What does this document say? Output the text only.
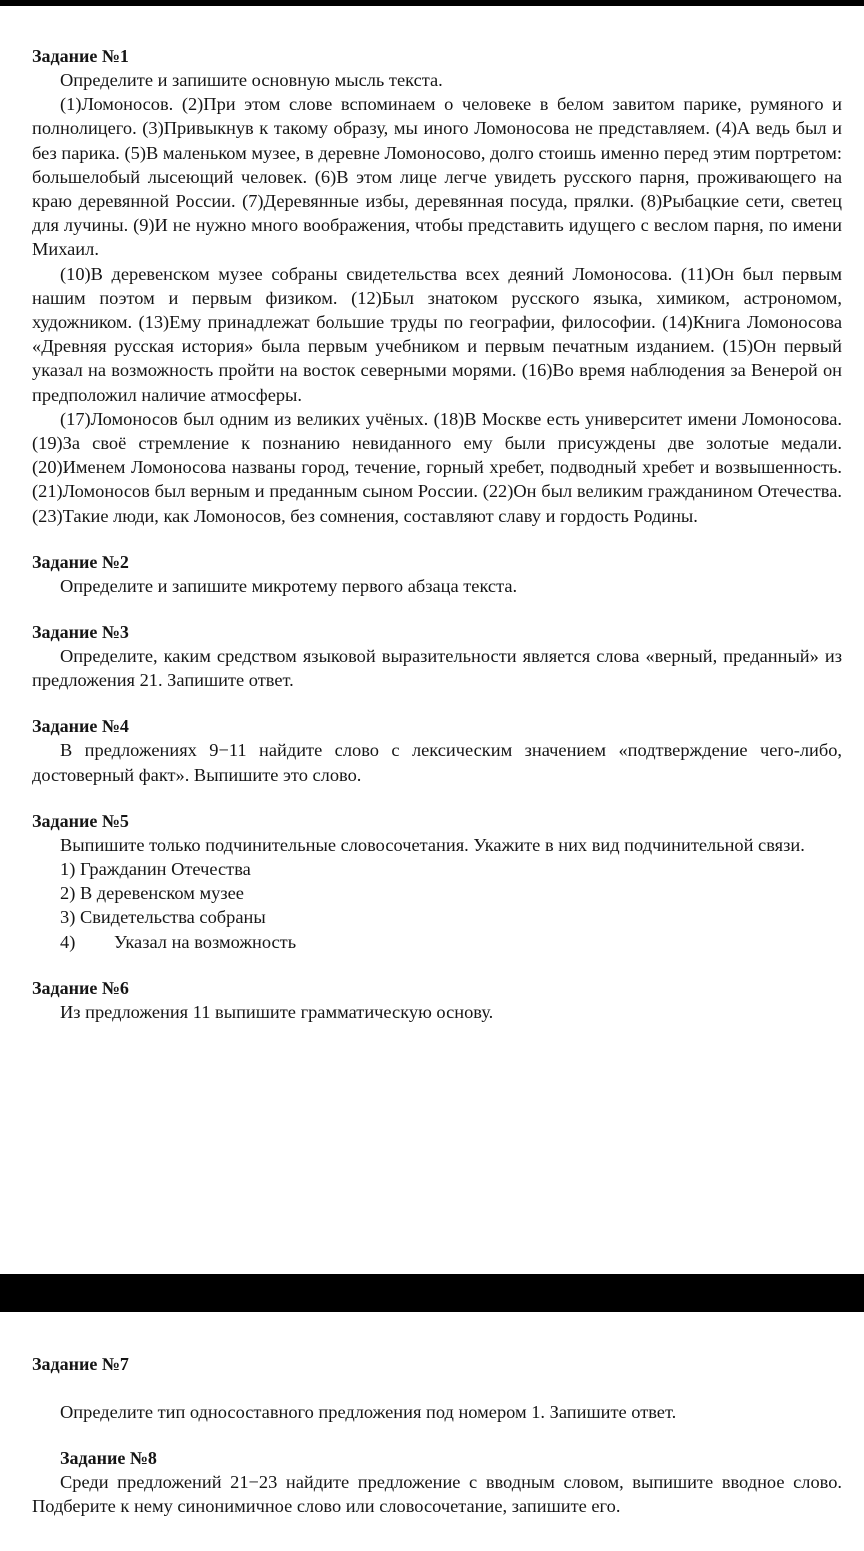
Задание №1

Определите и запишите основную мысль текста.

(1)Ломоносов. (2)При этом слове вспоминаем о человеке в белом завитом парике, румяного и полнолицего. (3)Привыкнув к такому образу, мы иного Ломоносова не представляем. (4)А ведь был и без парика. (5)В маленьком музее, в деревне Ломоносово, долго стоишь именно перед этим портретом: большелобый лысеющий человек. (6)В этом лице легче увидеть русского парня, проживающего на краю деревянной России. (7)Деревянные избы, деревянная посуда, прялки. (8)Рыбацкие сети, светец для лучины. (9)И не нужно много воображения, чтобы представить идущего с веслом парня, по имени Михаил.

(10)В деревенском музее собраны свидетельства всех деяний Ломоносова. (11)Он был первым нашим поэтом и первым физиком. (12)Был знатоком русского языка, химиком, астрономом, художником. (13)Ему принадлежат большие труды по географии, философии. (14)Книга Ломоносова «Древняя русская история» была первым учебником и первым печатным изданием. (15)Он первый указал на возможность пройти на восток северными морями. (16)Во время наблюдения за Венерой он предположил наличие атмосферы.

(17)Ломоносов был одним из великих учёных. (18)В Москве есть университет имени Ломоносова. (19)За своё стремление к познанию невиданного ему были присуждены две золотые медали. (20)Именем Ломоносова названы город, течение, горный хребет, подводный хребет и возвышенность. (21)Ломоносов был верным и преданным сыном России. (22)Он был великим гражданином Отечества. (23)Такие люди, как Ломоносов, без сомнения, составляют славу и гордость Родины.

Задание №2

Определите и запишите микротему первого абзаца текста.

Задание №3

Определите, каким средством языковой выразительности является слова «верный, преданный» из предложения 21. Запишите ответ.

Задание №4

В предложениях 9−11 найдите слово с лексическим значением «подтверждение чего-либо, достоверный факт». Выпишите это слово.

Задание №5

Выпишите только подчинительные словосочетания. Укажите в них вид подчинительной связи.

1) Гражданин Отечества
2) В деревенском музее
3) Свидетельства собраны
4) Указал на возможность
Задание №6

Из предложения 11 выпишите грамматическую основу.

Задание №7

Определите тип односоставного предложения под номером 1. Запишите ответ.

Задание №8

Среди предложений 21−23 найдите предложение с вводным словом, выпишите вводное слово. Подберите к нему синонимичное слово или словосочетание, запишите его.
